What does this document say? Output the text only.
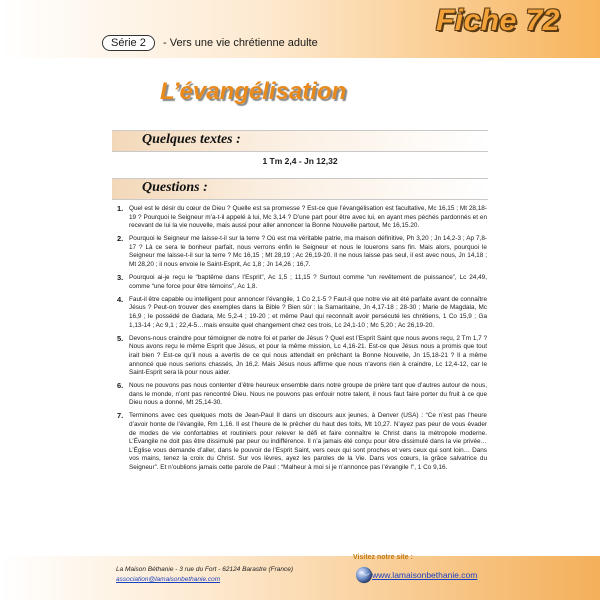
Fiche 72
Série 2	- Vers une vie chrétienne adulte
L’évangélisation
Quelques textes :
1 Tm 2,4 - Jn 12,32
Questions :
1. Quel est le désir du cœur de Dieu ? Quelle est sa promesse ? Est-ce que l’évangélisation est facultative, Mc 16,15 ; Mt 28,18-19 ? Pourquoi le Seigneur m’a-t-il appelé à lui, Mc 3,14 ? D’une part pour être avec lui, en ayant mes péchés pardonnés et en recevant de lui la vie nouvelle, mais aussi pour aller annoncer la Bonne Nouvelle partout, Mc 16,15.20.
2. Pourquoi le Seigneur me laisse-t-il sur la terre ? Où est ma véritable patrie, ma maison définitive, Ph 3,20 ; Jn 14,2-3 ; Ap 7,8-17 ? Là ce sera le bonheur parfait, nous verrons enfin le Seigneur et nous le louerons sans fin. Mais alors, pourquoi le Seigneur me laisse-t-il sur la terre ? Mc 16,15 ; Mt 28,19 ; Ac 26,19-20. Il ne nous laisse pas seul, il est avec nous, Jn 14,18 ; Mt 28,20 ; il nous envoie le Saint-Esprit, Ac 1,8 ; Jn 14,26 ; 16,7.
3. Pourquoi ai-je reçu le “baptême dans l’Esprit”, Ac 1,5 ; 11,15 ? Surtout comme “un revêtement de puissance”, Lc 24,49, comme “une force pour être témoins”, Ac 1,8.
4. Faut-il être capable ou intelligent pour annoncer l’évangile, 1 Co 2,1-5 ? Faut-il que notre vie ait été parfaite avant de connaître Jésus ? Peut-on trouver des exemples dans la Bible ? Bien sûr : la Samaritaine, Jn 4,17-18 ; 28-30 ; Marie de Magdala, Mc 16,9 ; le possédé de Gadara, Mc 5,2-4 ; 19-20 ; et même Paul qui reconnaît avoir persécuté les chrétiens, 1 Co 15,9 ; Ga 1,13-14 ; Ac 9,1 ; 22,4-5…mais ensuite quel changement chez ces trois, Lc 24,1-10 ; Mc 5,20 ; Ac 26,19-20.
5. Devons-nous craindre pour témoigner de notre foi et parler de Jésus ? Quel est l’Esprit Saint que nous avons reçu, 2 Tm 1,7 ? Nous avons reçu le même Esprit que Jésus, et pour la même mission, Lc 4,16-21. Est-ce que Jésus nous a promis que tout irait bien ? Est-ce qu’il nous a avertis de ce qui nous attendait en prêchant la Bonne Nouvelle, Jn 15,18-21 ? Il a même annoncé que nous serions chassés, Jn 16,2. Mais Jésus nous affirme que nous n’avons rien à craindre, Lc 12,4-12, car le Saint-Esprit sera là pour nous aider.
6. Nous ne pouvons pas nous contenter d’être heureux ensemble dans notre groupe de prière tant que d’autres autour de nous, dans le monde, n’ont pas rencontré Dieu. Nous ne pouvons pas enfouir notre talent, il nous faut faire porter du fruit à ce que Dieu nous a donné, Mt 25,14-30.
7. Terminons avec ces quelques mots de Jean-Paul II dans un discours aux jeunes, à Denver (USA) : “Ce n’est pas l’heure d’avoir honte de l’évangile, Rm 1,16. Il est l’heure de le prêcher du haut des toits, Mt 10,27. N’ayez pas peur de vous évader de modes de vie confortables et routiniers pour relever le défi et faire connaître le Christ dans la métropole moderne. L’Évangile ne doit pas être dissimulé par peur ou indifférence. Il n’a jamais été conçu pour être dissimulé dans la vie privée… L’Église vous demande d’aller, dans le pouvoir de l’Esprit Saint, vers ceux qui sont proches et vers ceux qui sont loin… Dans vos mains, tenez la croix du Christ. Sur vos lèvres, ayez les paroles de la Vie. Dans vos cœurs, la grâce salvatrice du Seigneur”. Et n’oublions jamais cette parole de Paul : “Malheur à moi si je n’annonce pas l’évangile !”, 1 Co 9,16.
La Maison Béthanie - 3 rue du Fort - 62124 Barastre (France)
association@lamaisonbethanie.com
Visitez notre site :
www.lamaisonbethanie.com
